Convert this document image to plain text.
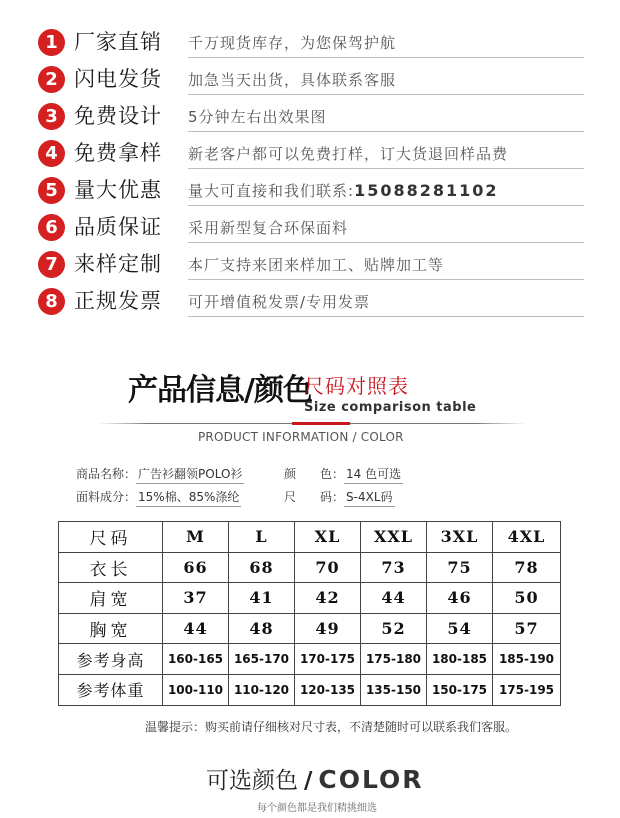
1 厂家直销 千万现货库存，为您保驾护航
2 闪电发货 加急当天出货，具体联系客服
3 免费设计 5分钟左右出效果图
4 免费拿样 新老客户都可以免费打样，订大货退回样品费
5 量大优惠 量大可直接和我们联系:15088281102
6 品质保证 采用新型复合环保面料
7 来样定制 本厂支持来团来样加工、贴牌加工等
8 正规发票 可开增值税发票/专用发票
产品信息/颜色
尺码对照表
Size comparison table
PRODUCT INFORMATION / COLOR
商品名称： 广告衫翻领POLO衫	颜　　色： 14 色可选
面料成分： 15%棉、85%涤纶	尺　　码： S-4XL码
尺码	M	L	XL	XXL	3XL	4XL
衣长	66	68	70	73	75	78
肩宽	37	41	42	44	46	50
胸宽	44	48	49	52	54	57
参考身高	160-165	165-170	170-175	175-180	180-185	185-190
参考体重	100-110	110-120	120-135	135-150	150-175	175-195
温馨提示：购买前请仔细核对尺寸表，不清楚随时可以联系我们客服。
可选颜色 / COLOR
每个颜色都是我们精挑细选
